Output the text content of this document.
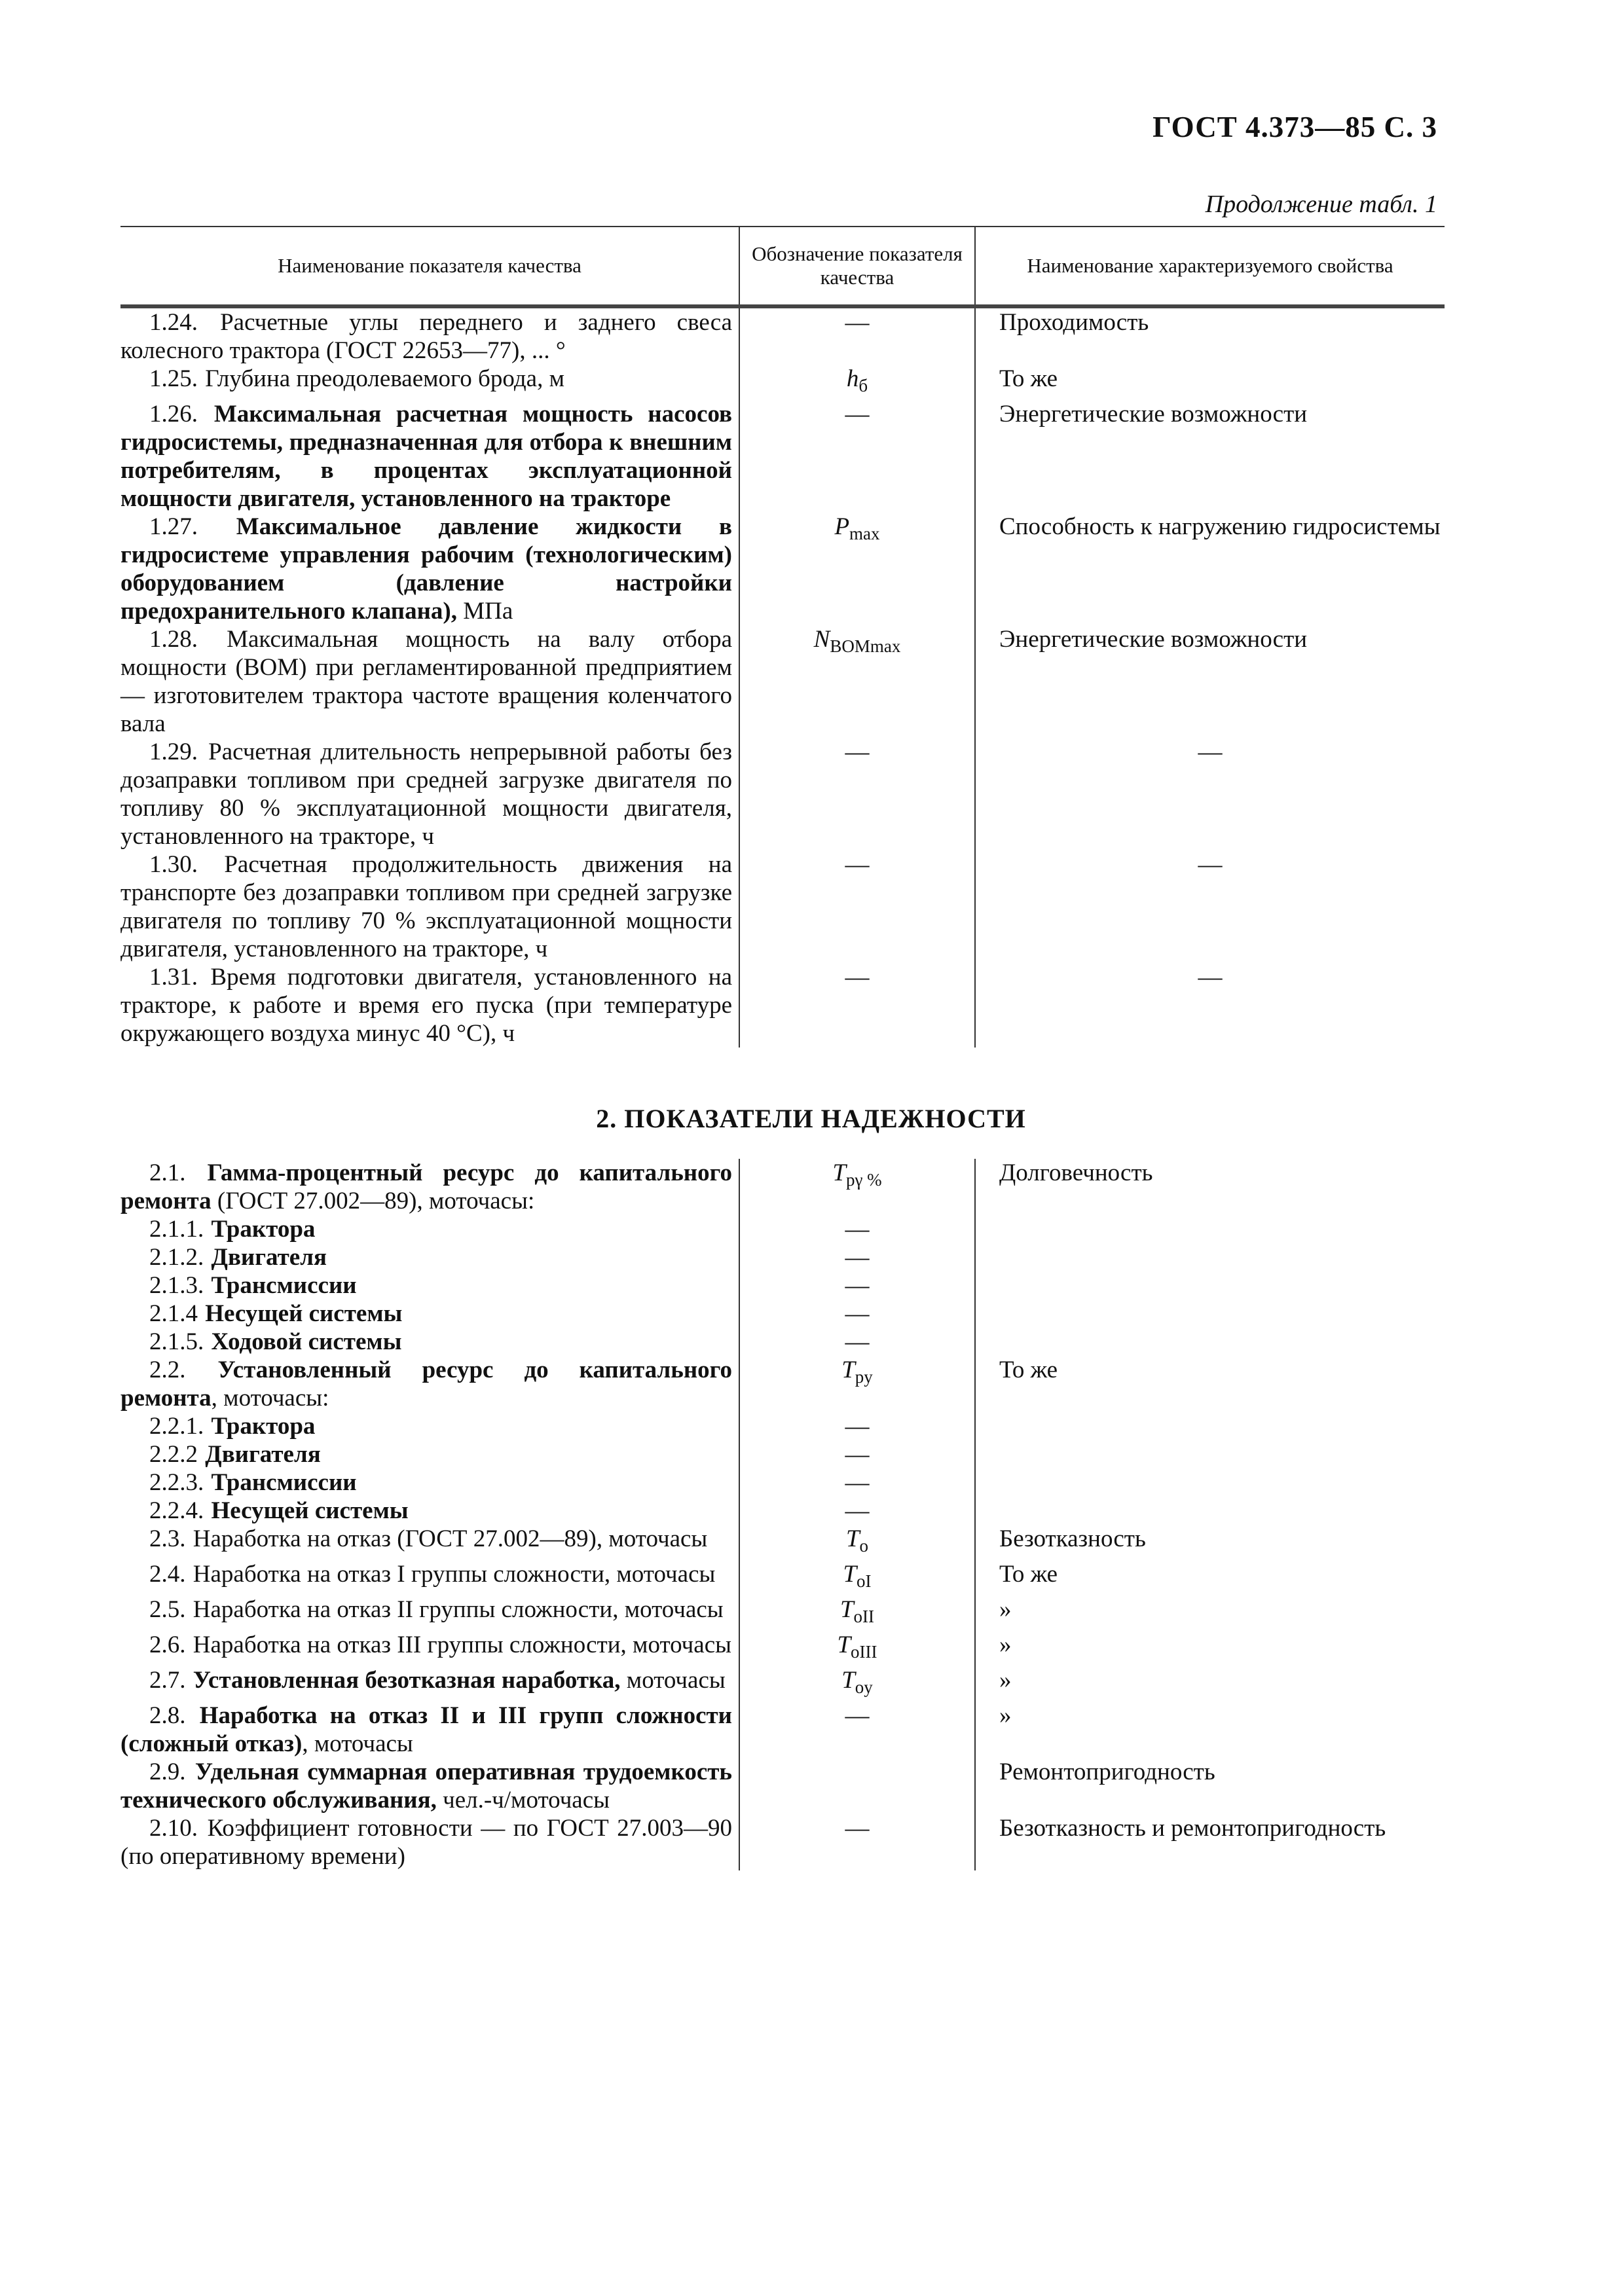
ГОСТ 4.373—85 С. 3
Продолжение табл. 1
Наименование показателя качества	Обозначение показателя качества	Наименование характеризуемого свойства
1.24. Расчетные углы переднего и заднего свеса колесного трактора (ГОСТ 22653—77), ... °	—	Проходимость
1.25. Глубина преодолеваемого брода, м	$h_б$	То же
1.26. Максимальная расчетная мощность насосов гидросистемы, предназначенная для отбора к внешним потребителям, в процентах эксплуатационной мощности двигателя, установленного на тракторе	—	Энергетические возможности
1.27. Максимальное давление жидкости в гидросистеме управления рабочим (технологическим) оборудованием (давление настройки предохранительного клапана), МПа	$P_{max}$	Способность к нагружению гидросистемы
1.28. Максимальная мощность на валу отбора мощности (ВОМ) при регламентированной предприятием — изготовителем трактора частоте вращения коленчатого вала	$N_{BOMmax}$	Энергетические возможности
1.29. Расчетная длительность непрерывной работы без дозаправки топливом при средней загрузке двигателя по топливу 80 % эксплуатационной мощности двигателя, установленного на тракторе, ч	—	—
1.30. Расчетная продолжительность движения на транспорте без дозаправки топливом при средней загрузке двигателя по топливу 70 % эксплуатационной мощности двигателя, установленного на тракторе, ч	—	—
1.31. Время подготовки двигателя, установленного на тракторе, к работе и время его пуска (при температуре окружающего воздуха минус 40 °С), ч	—	—
2. ПОКАЗАТЕЛИ НАДЕЖНОСТИ
2.1. Гамма-процентный ресурс до капитального ремонта (ГОСТ 27.002—89), моточасы:	$T_{p\gamma \%}$	Долговечность
2.1.1. Трактора	—	
2.1.2. Двигателя	—	
2.1.3. Трансмиссии	—	
2.1.4 Несущей системы	—	
2.1.5. Ходовой системы	—	
2.2. Установленный ресурс до капитального ремонта, моточасы:	$T_{py}$	То же
2.2.1. Трактора	—	
2.2.2 Двигателя	—	
2.2.3. Трансмиссии	—	
2.2.4. Несущей системы	—	
2.3. Наработка на отказ (ГОСТ 27.002—89), моточасы	$T_o$	Безотказность
2.4. Наработка на отказ I группы сложности, моточасы	$T_{oI}$	То же
2.5. Наработка на отказ II группы сложности, моточасы	$T_{oII}$	»
2.6. Наработка на отказ III группы сложности, моточасы	$T_{oIII}$	»
2.7. Установленная безотказная наработка, моточасы	$T_{oy}$	»
2.8. Наработка на отказ II и III групп сложности (сложный отказ), моточасы	—	»
2.9. Удельная суммарная оперативная трудоемкость технического обслуживания, чел.-ч/моточасы		Ремонтопригодность
2.10. Коэффициент готовности — по ГОСТ 27.003—90 (по оперативному времени)	—	Безотказность и ремонтопригодность
